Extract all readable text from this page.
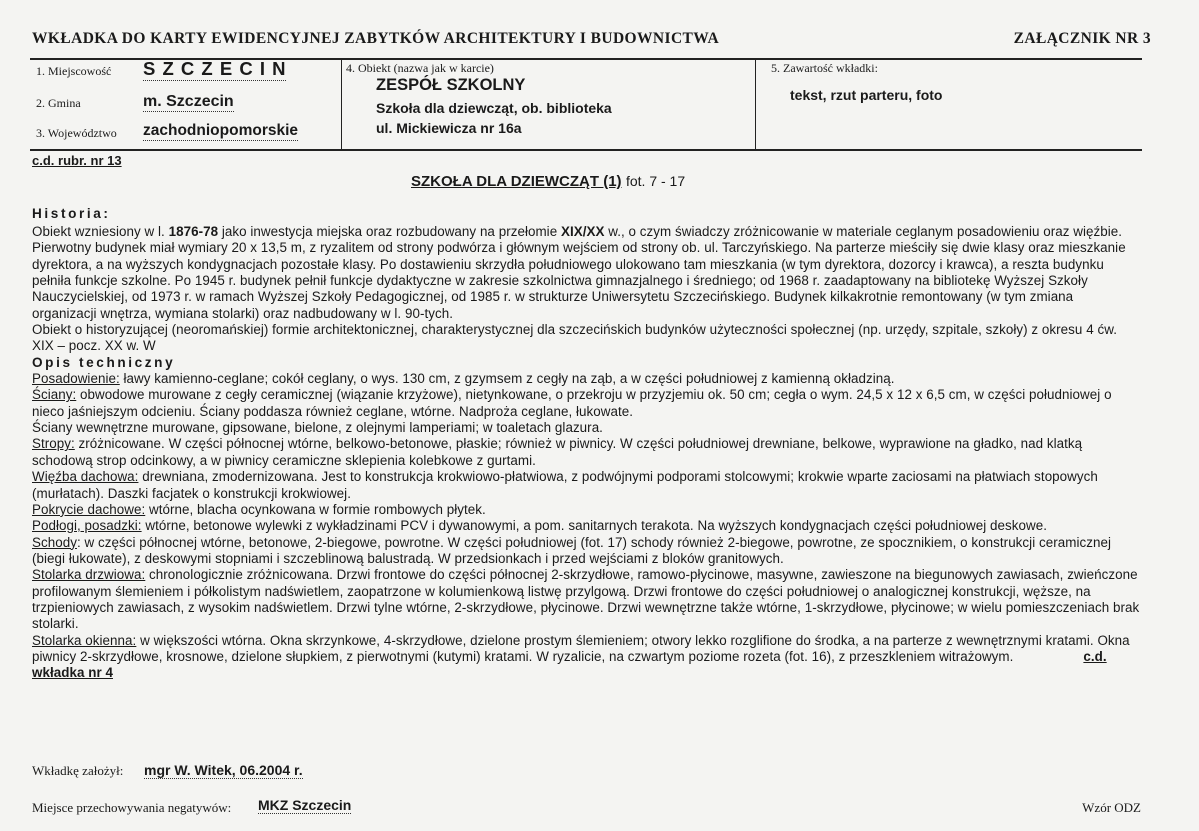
WKŁADKA DO KARTY EWIDENCYJNEJ ZABYTKÓW ARCHITEKTURY I BUDOWNICTWA	ZAŁĄCZNIK NR 3
1. Miejscowość S Z C Z E C I N
2. Gmina	m. Szczecin
3. Województwo zachodniopomorskie
4. Obiekt (nazwa jak w karcie)
ZESPÓŁ SZKOLNY
Szkoła dla dziewcząt, ob. biblioteka
ul. Mickiewicza nr 16a
5. Zawartość wkładki:
tekst, rzut parteru, foto
c.d. rubr. nr 13
SZKOŁA DLA DZIEWCZĄT (1) fot. 7 - 17
Historia:

Obiekt wzniesiony w l. 1876-78 jako inwestycja miejska oraz rozbudowany na przełomie XIX/XX w., o czym świadczy zróżnicowanie w materiale ceglanym posadowieniu oraz więźbie. Pierwotny budynek miał wymiary 20 x 13,5 m, z ryzalitem od strony podwórza i głównym wejściem od strony ob. ul. Tarczyńskiego. Na parterze mieściły się dwie klasy oraz mieszkanie dyrektora, a na wyższych kondygnacjach pozostałe klasy. Po dostawieniu skrzydła południowego ulokowano tam mieszkania (w tym dyrektora, dozorcy i krawca), a reszta budynku pełniła funkcje szkolne. Po 1945 r. budynek pełnił funkcje dydaktyczne w zakresie szkolnictwa gimnazjalnego i średniego; od 1968 r. zaadaptowany na bibliotekę Wyższej Szkoły Nauczycielskiej, od 1973 r. w ramach Wyższej Szkoły Pedagogicznej, od 1985 r. w strukturze Uniwersytetu Szczecińskiego. Budynek kilkakrotnie remontowany (w tym zmiana organizacji wnętrza, wymiana stolarki) oraz nadbudowany w l. 90-tych.

Obiekt o historyzującej (neoromańskiej) formie architektonicznej, charakterystycznej dla szczecińskich budynków użyteczności społecznej (np. urzędy, szpitale, szkoły) z okresu 4 ćw. XIX – pocz. XX w. W

Opis techniczny

Posadowienie: ławy kamienno-ceglane; cokół ceglany, o wys. 130 cm, z gzymsem z cegły na ząb, a w części południowej z kamienną okładziną.

Ściany: obwodowe murowane z cegły ceramicznej (wiązanie krzyżowe), nietynkowane, o przekroju w przyzjemiu ok. 50 cm; cegła o wym. 24,5 x 12 x 6,5 cm, w części południowej o nieco jaśniejszym odcieniu. Ściany poddasza również ceglane, wtórne. Nadproża ceglane, łukowate.

Ściany wewnętrzne murowane, gipsowane, bielone, z olejnymi lamperiami; w toaletach glazura.

Stropy: zróżnicowane. W części północnej wtórne, belkowo-betonowe, płaskie; również w piwnicy. W części południowej drewniane, belkowe, wyprawione na gładko, nad klatką schodową strop odcinkowy, a w piwnicy ceramiczne sklepienia kolebkowe z gurtami.

Więźba dachowa: drewniana, zmodernizowana. Jest to konstrukcja krokwiowo-płatwiowa, z podwójnymi podporami stolcowymi; krokwie wparte zaciosami na płatwiach stopowych (murłatach). Daszki facjatek o konstrukcji krokwiowej.

Pokrycie dachowe: wtórne, blacha ocynkowana w formie rombowych płytek.

Podłogi, posadzki: wtórne, betonowe wylewki z wykładzinami PCV i dywanowymi, a pom. sanitarnych terakota. Na wyższych kondygnacjach części południowej deskowe.

Schody: w części północnej wtórne, betonowe, 2-biegowe, powrotne. W części południowej (fot. 17) schody również 2-biegowe, powrotne, ze spocznikiem, o konstrukcji ceramicznej (biegi łukowate), z deskowymi stopniami i szczeblinową balustradą. W przedsionkach i przed wejściami z bloków granitowych.

Stolarka drzwiowa: chronologicznie zróżnicowana. Drzwi frontowe do części północnej 2-skrzydłowe, ramowo-płycinowe, masywne, zawieszone na biegunowych zawiasach, zwieńczone profilowanym ślemieniem i półkolistym nadświetlem, zaopatrzone w kolumienkową listwę przylgową. Drzwi frontowe do części południowej o analogicznej konstrukcji, węższe, na trzpieniowych zawiasach, z wysokim nadświetlem. Drzwi tylne wtórne, 2-skrzydłowe, płycinowe. Drzwi wewnętrzne także wtórne, 1-skrzydłowe, płycinowe; w wielu pomieszczeniach brak stolarki.

Stolarka okienna: w większości wtórna. Okna skrzynkowe, 4-skrzydłowe, dzielone prostym ślemieniem; otwory lekko rozglifione do środka, a na parterze z wewnętrznymi kratami. Okna piwnicy 2-skrzydłowe, krosnowe, dzielone słupkiem, z pierwotnymi (kutymi) kratami. W ryzalicie, na czwartym poziome rozeta (fot. 16), z przeszkleniem witrażowym.	c.d. wkładka nr 4

Wkładkę założył: mgr W. Witek, 06.2004 r.
Miejsce przechowywania negatywów: MKZ Szczecin	Wzór ODZ
